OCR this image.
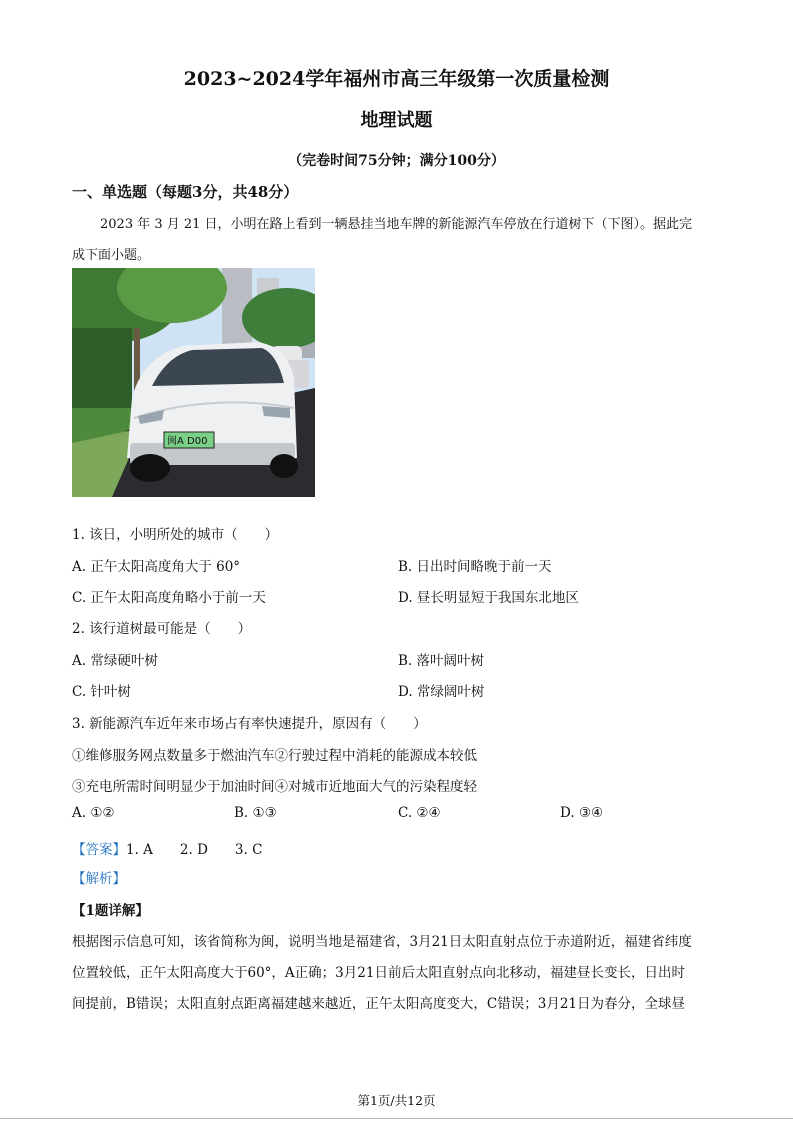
2023~2024学年福州市高三年级第一次质量检测
地理试题
（完卷时间75分钟；满分100分）
一、单选题（每题3分，共48分）
2023 年 3 月 21 日，小明在路上看到一辆悬挂当地车牌的新能源汽车停放在行道树下（下图）。据此完
成下面小题。
闽A D00
1. 该日，小明所处的城市（　　）
A. 正午太阳高度角大于 60°	B. 日出时间略晚于前一天
C. 正午太阳高度角略小于前一天	D. 昼长明显短于我国东北地区
2. 该行道树最可能是（　　）
A. 常绿硬叶树	B. 落叶阔叶树
C. 针叶树	D. 常绿阔叶树
3. 新能源汽车近年来市场占有率快速提升，原因有（　　）
①维修服务网点数量多于燃油汽车②行驶过程中消耗的能源成本较低
③充电所需时间明显少于加油时间④对城市近地面大气的污染程度轻
A. ①②	B. ①③	C. ②④	D. ③④
【答案】1. A　　2. D　　3. C
【解析】
【1题详解】
根据图示信息可知，该省简称为闽，说明当地是福建省，3月21日太阳直射点位于赤道附近，福建省纬度
位置较低，正午太阳高度大于60°，A正确；3月21日前后太阳直射点向北移动，福建昼长变长，日出时
间提前，B错误；太阳直射点距离福建越来越近，正午太阳高度变大，C错误；3月21日为春分，全球昼
第1页/共12页
